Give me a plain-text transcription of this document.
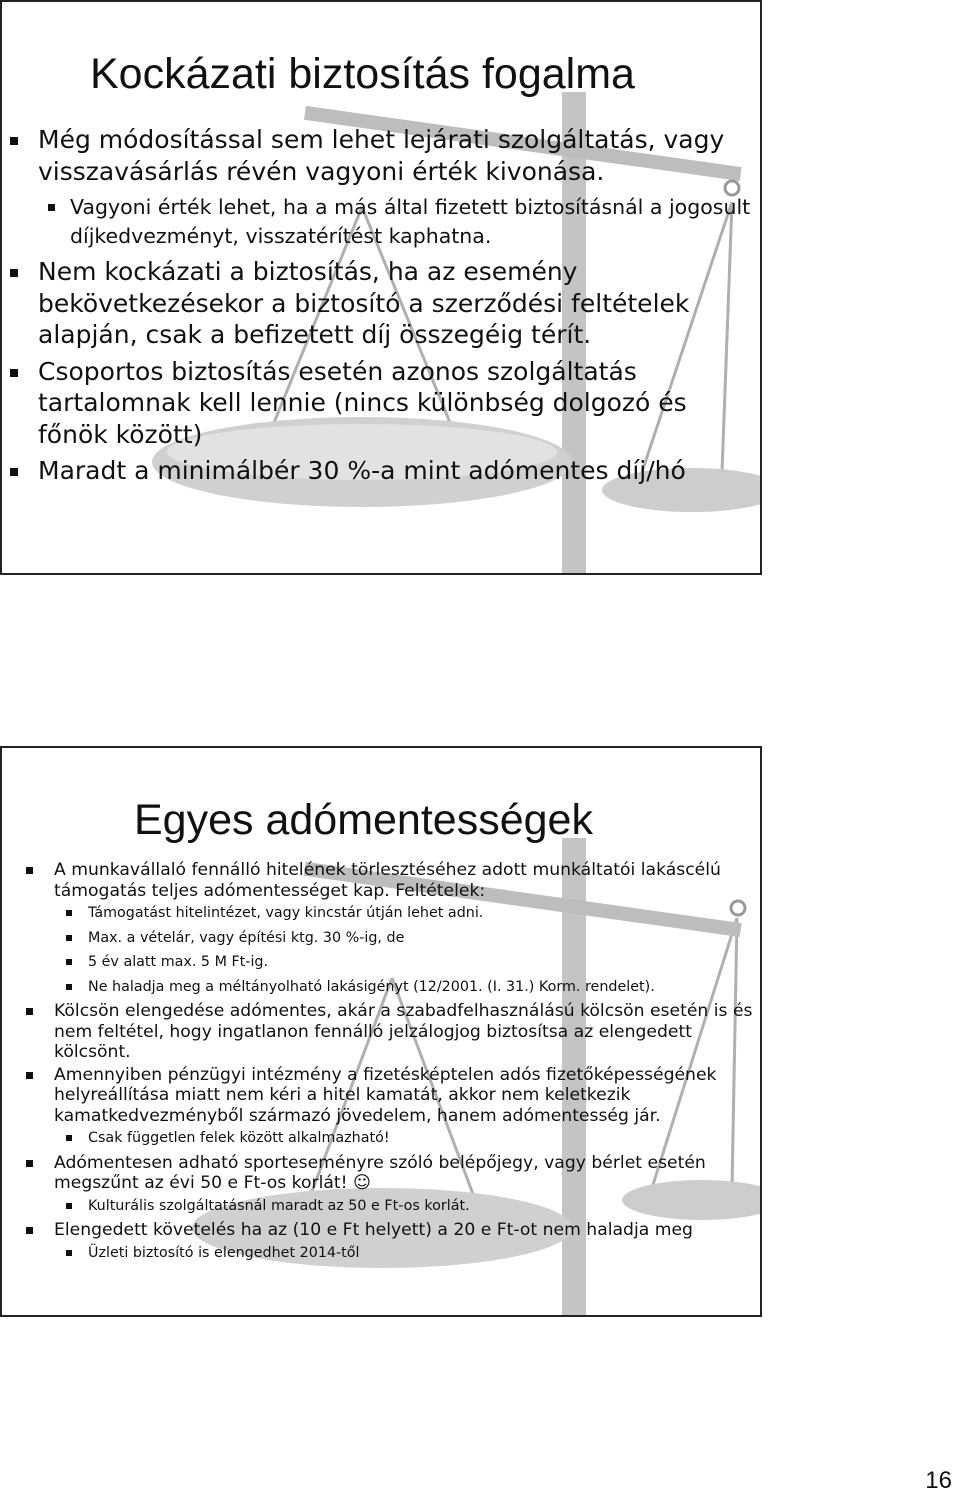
Kockázati biztosítás fogalma
Még módosítással sem lehet lejárati szolgáltatás, vagy visszavásárlás révén vagyoni érték kivonása.
Vagyoni érték lehet, ha a más által fizetett biztosításnál a jogosult díjkedvezményt, visszatérítést kaphatna.
Nem kockázati a biztosítás, ha az esemény bekövetkezésekor a biztosító a szerződési feltételek alapján, csak a befizetett díj összegéig térít.
Csoportos biztosítás esetén azonos szolgáltatás tartalomnak kell lennie (nincs különbség dolgozó és főnök között)
Maradt a minimálbér 30 %-a mint adómentes díj/hó
Egyes adómentességek
A munkavállaló fennálló hitelének törlesztéséhez adott munkáltatói lakáscélú támogatás teljes adómentességet kap. Feltételek:
Támogatást hitelintézet, vagy kincstár útján lehet adni.
Max. a vételár, vagy építési ktg. 30 %-ig, de
5 év alatt max. 5 M Ft-ig.
Ne haladja meg a méltányolható lakásigényt (12/2001. (I. 31.) Korm. rendelet).
Kölcsön elengedése adómentes, akár a szabadfelhasználású kölcsön esetén is és nem feltétel, hogy ingatlanon fennálló jelzálogjog biztosítsa az elengedett kölcsönt.
Amennyiben pénzügyi intézmény a fizetésképtelen adós fizetőképességének helyreállítása miatt nem kéri a hitel kamatát, akkor nem keletkezik kamatkedvezményből származó jövedelem, hanem adómentesség jár.
Csak független felek között alkalmazható!
Adómentesen adható sporteseményre szóló belépőjegy, vagy bérlet esetén megszűnt az évi 50 e Ft-os korlát! ☺
Kulturális szolgáltatásnál maradt az 50 e Ft-os korlát.
Elengedett követelés ha az (10 e Ft helyett) a 20 e Ft-ot nem haladja meg
Üzleti biztosító is elengedhet 2014-től
16
